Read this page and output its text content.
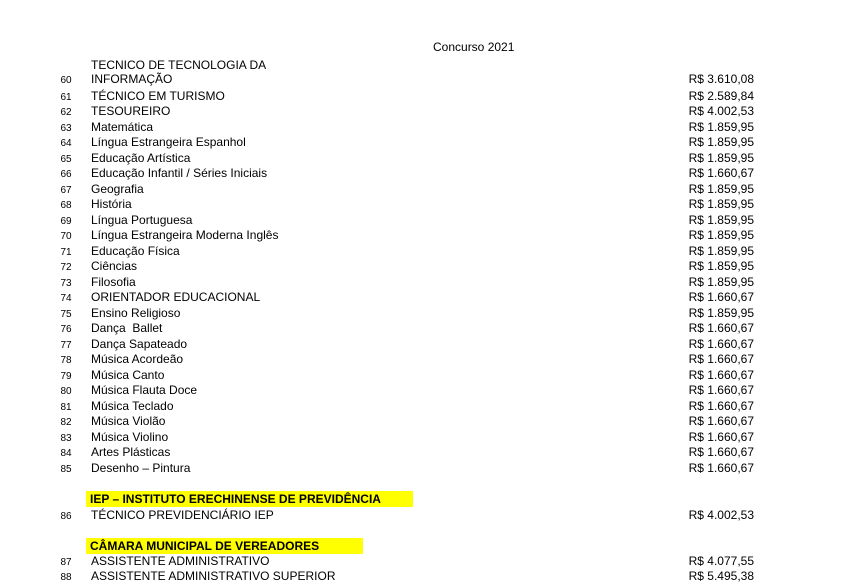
Concurso 2021
TECNICO DE TECNOLOGIA DA
60 INFORMAÇÃO	R$ 3.610,08
61 TÉCNICO EM TURISMO	R$ 2.589,84
62 TESOUREIRO	R$ 4.002,53
63 Matemática	R$ 1.859,95
64 Língua Estrangeira Espanhol	R$ 1.859,95
65 Educação Artística	R$ 1.859,95
66 Educação Infantil / Séries Iniciais	R$ 1.660,67
67 Geografia	R$ 1.859,95
68 História	R$ 1.859,95
69 Língua Portuguesa	R$ 1.859,95
70 Língua Estrangeira Moderna Inglês	R$ 1.859,95
71 Educação Física	R$ 1.859,95
72 Ciências	R$ 1.859,95
73 Filosofia	R$ 1.859,95
74 ORIENTADOR EDUCACIONAL	R$ 1.660,67
75 Ensino Religioso	R$ 1.859,95
76 Dança  Ballet	R$ 1.660,67
77 Dança Sapateado	R$ 1.660,67
78 Música Acordeão	R$ 1.660,67
79 Música Canto	R$ 1.660,67
80 Música Flauta Doce	R$ 1.660,67
81 Música Teclado	R$ 1.660,67
82 Música Violão	R$ 1.660,67
83 Música Violino	R$ 1.660,67
84 Artes Plásticas	R$ 1.660,67
85 Desenho – Pintura	R$ 1.660,67
IEP – INSTITUTO ERECHINENSE DE PREVIDÊNCIA
86 TÉCNICO PREVIDENCIÁRIO IEP	R$ 4.002,53
CÂMARA MUNICIPAL DE VEREADORES
87 ASSISTENTE ADMINISTRATIVO	R$ 4.077,55
88 ASSISTENTE ADMINISTRATIVO SUPERIOR	R$ 5.495,38
